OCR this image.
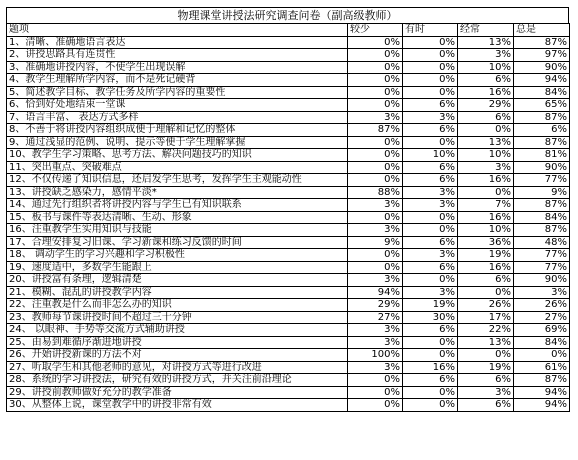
物理课堂讲授法研究调查问卷（副高级教师）
题项	较少	有时	经常	总是
1、清晰、准确地语言表达	0%	0%	13%	87%
2、讲授思路具有连贯性	0%	0%	3%	97%
3、准确地讲授内容，不使学生出现误解	0%	0%	10%	90%
4、教学生理解所学内容，而不是死记硬背	0%	0%	6%	94%
5、简述教学目标、教学任务及所学内容的重要性	0%	0%	16%	84%
6、恰到好处地结束一堂课	0%	6%	29%	65%
7、语言丰富、 表达方式多样	3%	3%	6%	87%
8、不善于将讲授内容组织成便于理解和记忆的整体	87%	6%	0%	6%
9、通过浅显的范例、说明、提示等便于学生理解掌握	0%	0%	13%	87%
10、教学生学习策略、思考方法、解决问题技巧的知识	0%	10%	10%	81%
11、突出重点、突破难点	0%	6%	3%	90%
12、不仅传递了知识信息，还启发学生思考，发挥学生主观能动性	0%	6%	16%	77%
13、讲授缺乏感染力，感情平淡*	88%	3%	0%	9%
14、通过先行组织者将讲授内容与学生已有知识联系	3%	3%	7%	87%
15、板书与课件等表达清晰、生动、形象	0%	0%	16%	84%
16、注重教学生实用知识与技能	3%	0%	10%	87%
17、合理安排复习旧课、学习新课和练习反馈的时间	9%	6%	36%	48%
18、 调动学生的学习兴趣和学习积极性	0%	3%	19%	77%
19、速度适中，多数学生能跟上	0%	6%	16%	77%
20、讲授富有条理，逻辑清楚	3%	0%	6%	90%
21、模糊、混乱的讲授教学内容	94%	3%	0%	3%
22、注重教是什么而非怎么办的知识	29%	19%	26%	26%
23、教师每节课讲授时间不超过三十分钟	27%	30%	17%	27%
24、 以眼神、手势等交流方式辅助讲授	3%	6%	22%	69%
25、由易到难循序渐进地讲授	3%	0%	13%	84%
26、开始讲授新课的方法不对	100%	0%	0%	0%
27、听取学生和其他老师的意见，对讲授方式等进行改进	3%	16%	19%	61%
28、系统的学习讲授法，研究有效的讲授方式，并关注前沿理论	0%	6%	6%	87%
29、讲授前教师做好充分的教学准备	0%	0%	3%	94%
30、从整体上说，课堂教学中的讲授非常有效	0%	0%	6%	94%
